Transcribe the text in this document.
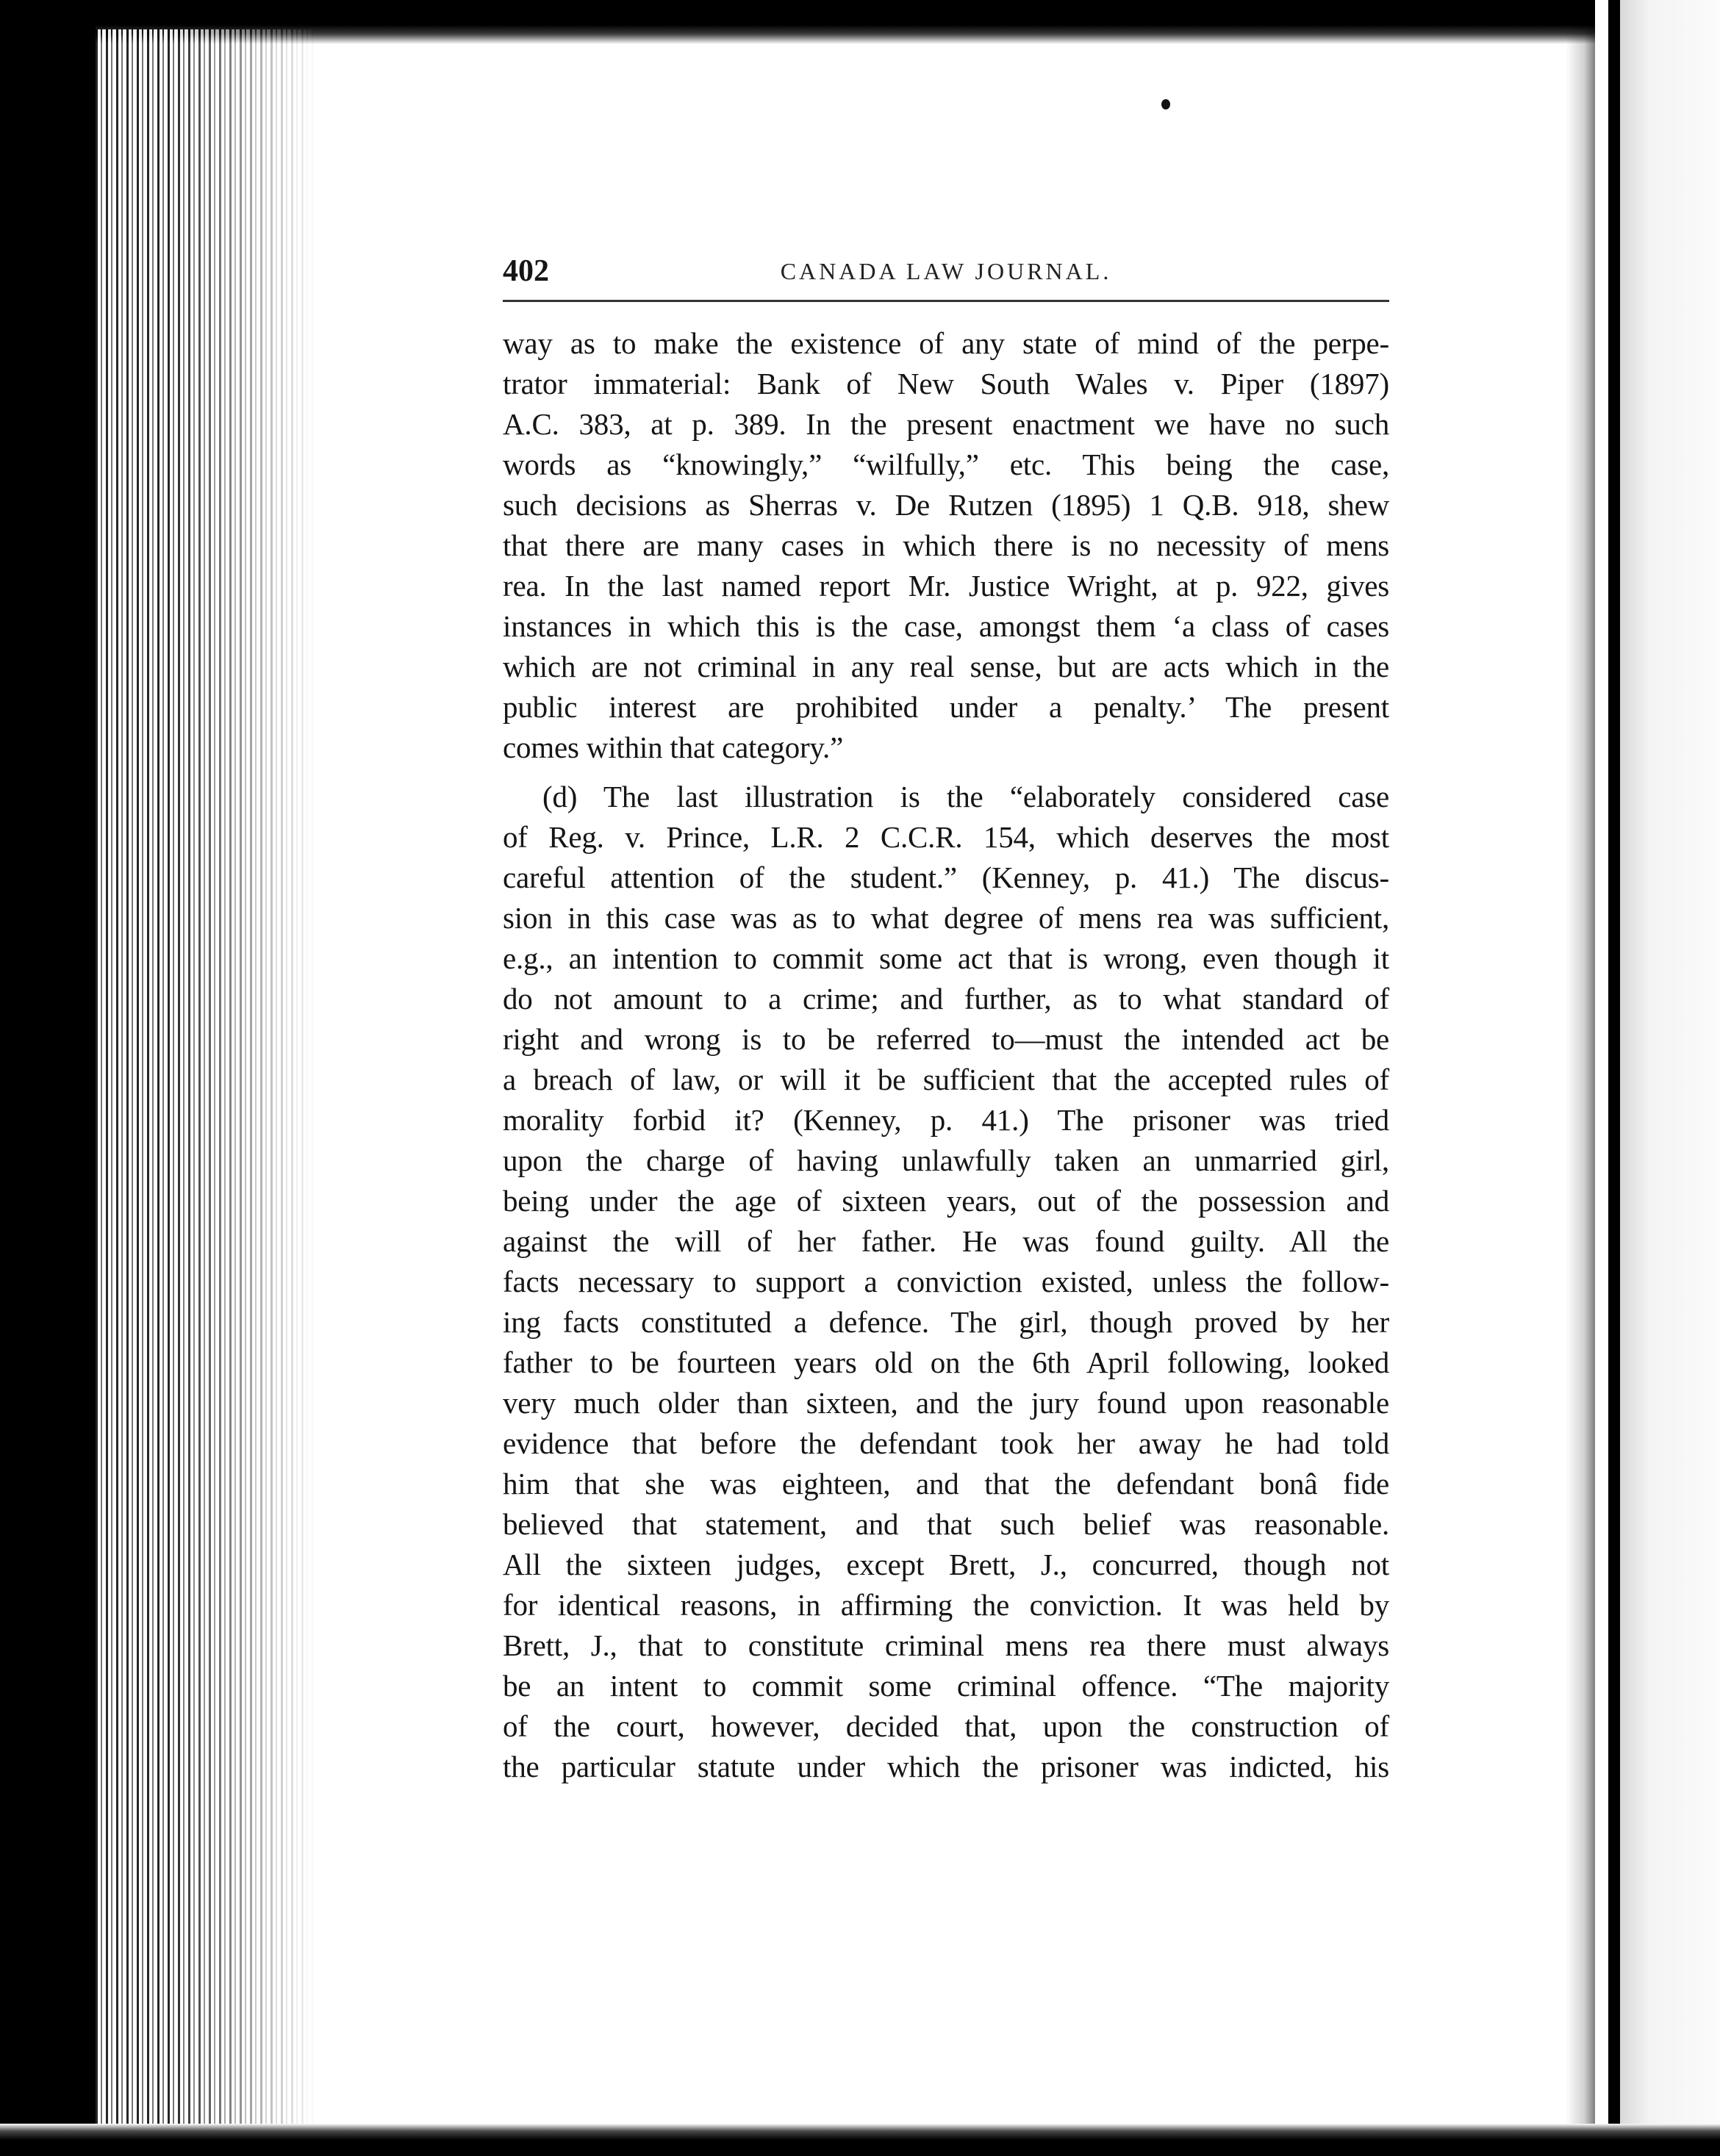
402	CANADA LAW JOURNAL.
way as to make the existence of any state of mind of the perpe-
trator immaterial: Bank of New South Wales v. Piper (1897)
A.C. 383, at p. 389. In the present enactment we have no such
words as “knowingly,” “wilfully,” etc. This being the case,
such decisions as Sherras v. De Rutzen (1895) 1 Q.B. 918, shew
that there are many cases in which there is no necessity of mens
rea. In the last named report Mr. Justice Wright, at p. 922, gives
instances in which this is the case, amongst them ‘a class of cases
which are not criminal in any real sense, but are acts which in the
public interest are prohibited under a penalty.’ The present
comes within that category.”
(d) The last illustration is the “elaborately considered case
of Reg. v. Prince, L.R. 2 C.C.R. 154, which deserves the most
careful attention of the student.” (Kenney, p. 41.) The discus-
sion in this case was as to what degree of mens rea was sufficient,
e.g., an intention to commit some act that is wrong, even though it
do not amount to a crime; and further, as to what standard of
right and wrong is to be referred to—must the intended act be
a breach of law, or will it be sufficient that the accepted rules of
morality forbid it? (Kenney, p. 41.) The prisoner was tried
upon the charge of having unlawfully taken an unmarried girl,
being under the age of sixteen years, out of the possession and
against the will of her father. He was found guilty. All the
facts necessary to support a conviction existed, unless the follow-
ing facts constituted a defence. The girl, though proved by her
father to be fourteen years old on the 6th April following, looked
very much older than sixteen, and the jury found upon reasonable
evidence that before the defendant took her away he had told
him that she was eighteen, and that the defendant bonâ fide
believed that statement, and that such belief was reasonable.
All the sixteen judges, except Brett, J., concurred, though not
for identical reasons, in affirming the conviction. It was held by
Brett, J., that to constitute criminal mens rea there must always
be an intent to commit some criminal offence. “The majority
of the court, however, decided that, upon the construction of
the particular statute under which the prisoner was indicted, his
